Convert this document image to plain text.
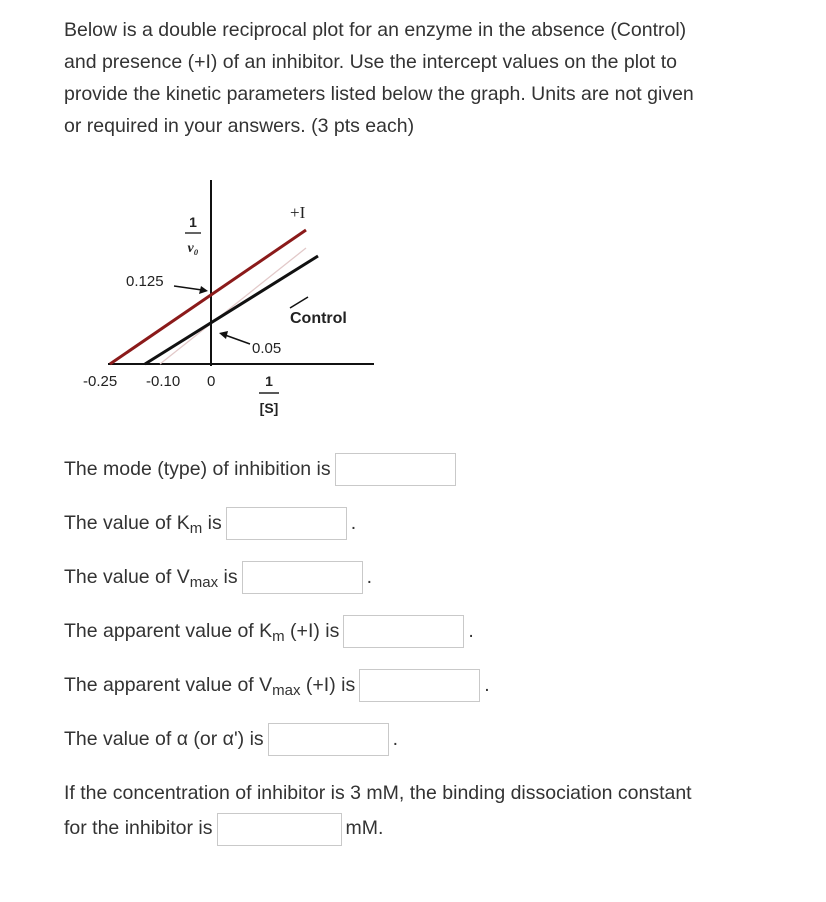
Below is a double reciprocal plot for an enzyme in the absence (Control) and presence (+I) of an inhibitor. Use the intercept values on the plot to provide the kinetic parameters listed below the graph. Units are not given or required in your answers. (3 pts each)

1
v₀
0.125
0.05
+I
Control
-0.25 -0.10 0	1
[S]
The mode (type) of inhibition is
The value of $K_m$ is	.
The value of $V_{max}$ is	.
The apparent value of $K_m$ (+I) is	.
The apparent value of $V_{max}$ (+I) is	.
The value of α (or α') is	.
If the concentration of inhibitor is 3 mM, the binding dissociation constant for the inhibitor is	mM.
